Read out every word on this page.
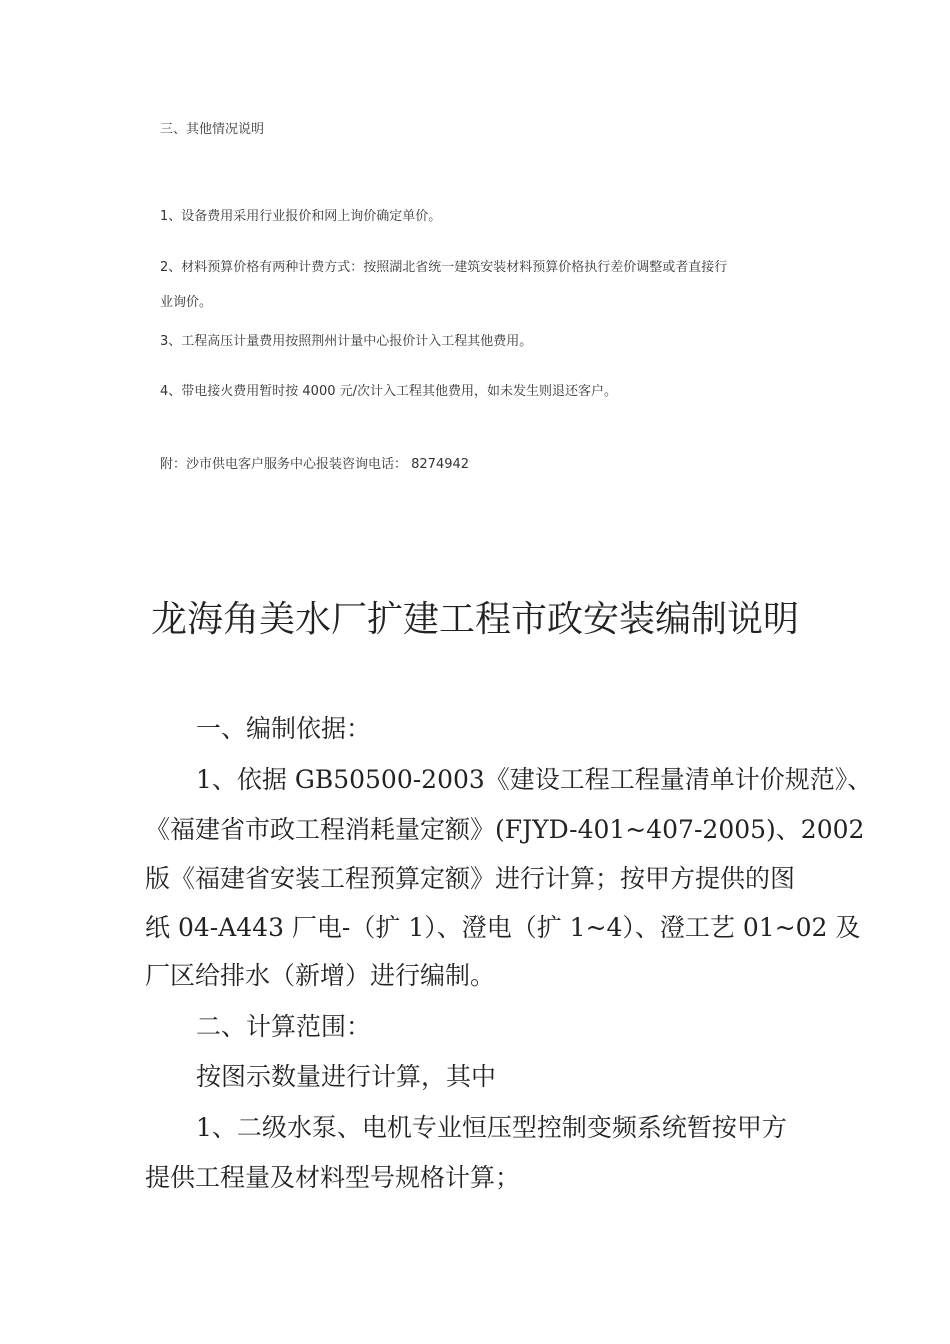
三、其他情况说明
1、设备费用采用行业报价和网上询价确定单价。
2、材料预算价格有两种计费方式：按照湖北省统一建筑安装材料预算价格执行差价调整或者直接行
业询价。
3、工程高压计量费用按照荆州计量中心报价计入工程其他费用。
4、带电接火费用暂时按 4000 元/次计入工程其他费用，如未发生则退还客户。
附：沙市供电客户服务中心报装咨询电话： 8274942
龙海角美水厂扩建工程市政安装编制说明
一、编制依据：
1、依据 GB50500-2003《建设工程工程量清单计价规范》、
《福建省市政工程消耗量定额》(FJYD-401~407-2005)、2002
版《福建省安装工程预算定额》进行计算；按甲方提供的图
纸 04-A443 厂电-（扩 1）、澄电（扩 1~4）、澄工艺 01~02 及
厂区给排水（新增）进行编制。
二、计算范围：
按图示数量进行计算，其中
1、二级水泵、电机专业恒压型控制变频系统暂按甲方
提供工程量及材料型号规格计算；
